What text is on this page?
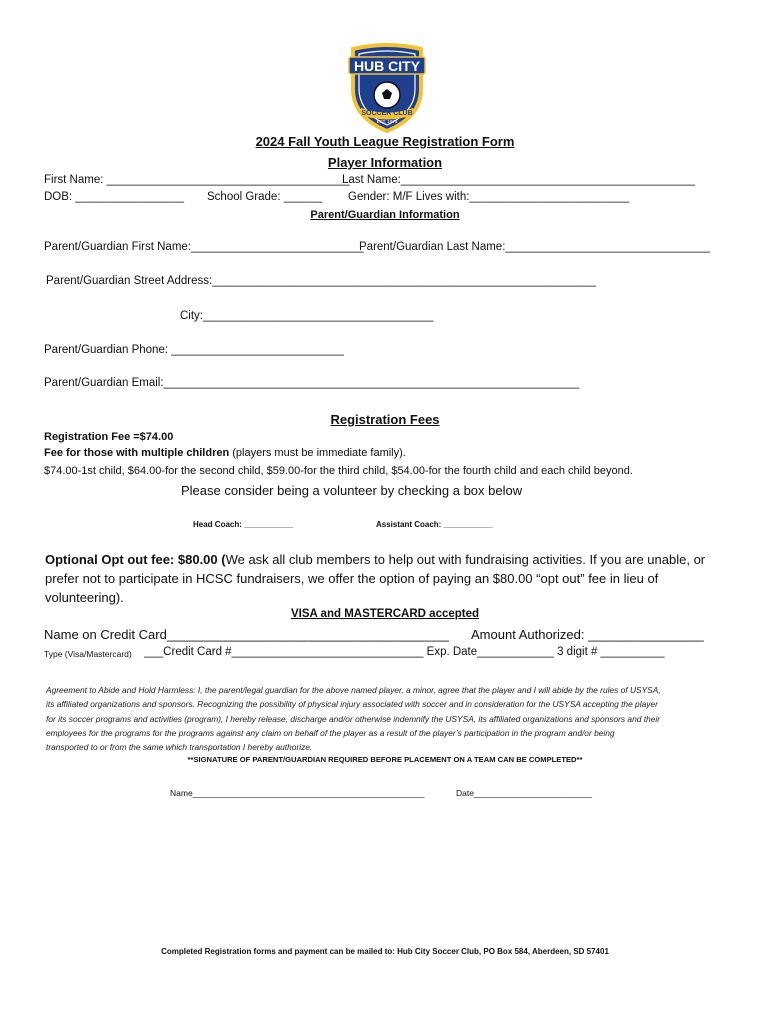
HUB CITY
SOCCER CLUB
EST. 1979
2024 Fall Youth League Registration Form
Player Information
First Name: ______________________________________
Last Name:______________________________________________
DOB: _________________ School Grade: ______ Gender: M/F Lives with:_________________________
Parent/Guardian Information
Parent/Guardian First Name:___________________________
Parent/Guardian Last Name:________________________________
Parent/Guardian Street Address:____________________________________________________________
City:____________________________________
Parent/Guardian Phone: ___________________________
Parent/Guardian Email:_________________________________________________________________
Registration Fees
Registration Fee =$74.00
Fee for those with multiple children (players must be immediate family).
$74.00-1st child, $64.00-for the second child, $59.00-for the third child, $54.00-for the fourth child and each child beyond.
Please consider being a volunteer by checking a box below
Head Coach: ___________	Assistant Coach: ___________
Optional Opt out fee: $80.00 (We ask all club members to help out with fundraising activities. If you are unable, or
prefer not to participate in HCSC fundraisers, we offer the option of paying an $80.00 “opt out” fee in lieu of
volunteering).
VISA and MASTERCARD accepted
Name on Credit Card_______________________________________ Amount Authorized: ________________
Type (Visa/Mastercard) ___Credit Card #______________________________ Exp. Date____________ 3 digit # __________

Agreement to Abide and Hold Harmless: I, the parent/legal guardian for the above named player, a minor, agree that the player and I will abide by the rules of USYSA,

its affiliated organizations and sponsors. Recognizing the possibility of physical injury associated with soccer and in consideration for the USYSA accepting the player

for its soccer programs and activities (program), I hereby release, discharge and/or otherwise indemnify the USYSA, its affiliated organizations and sponsors and their

employees for the programs for the programs against any claim on behalf of the player as a result of the player’s participation in the program and/or being

transported to or from the same which transportation I hereby authorize.

**SIGNATURE OF PARENT/GUARDIAN REQUIRED BEFORE PLACEMENT ON A TEAM CAN BE COMPLETED**
Name_________________________________________________	Date_________________________
Completed Registration forms and payment can be mailed to: Hub City Soccer Club, PO Box 584, Aberdeen, SD 57401
